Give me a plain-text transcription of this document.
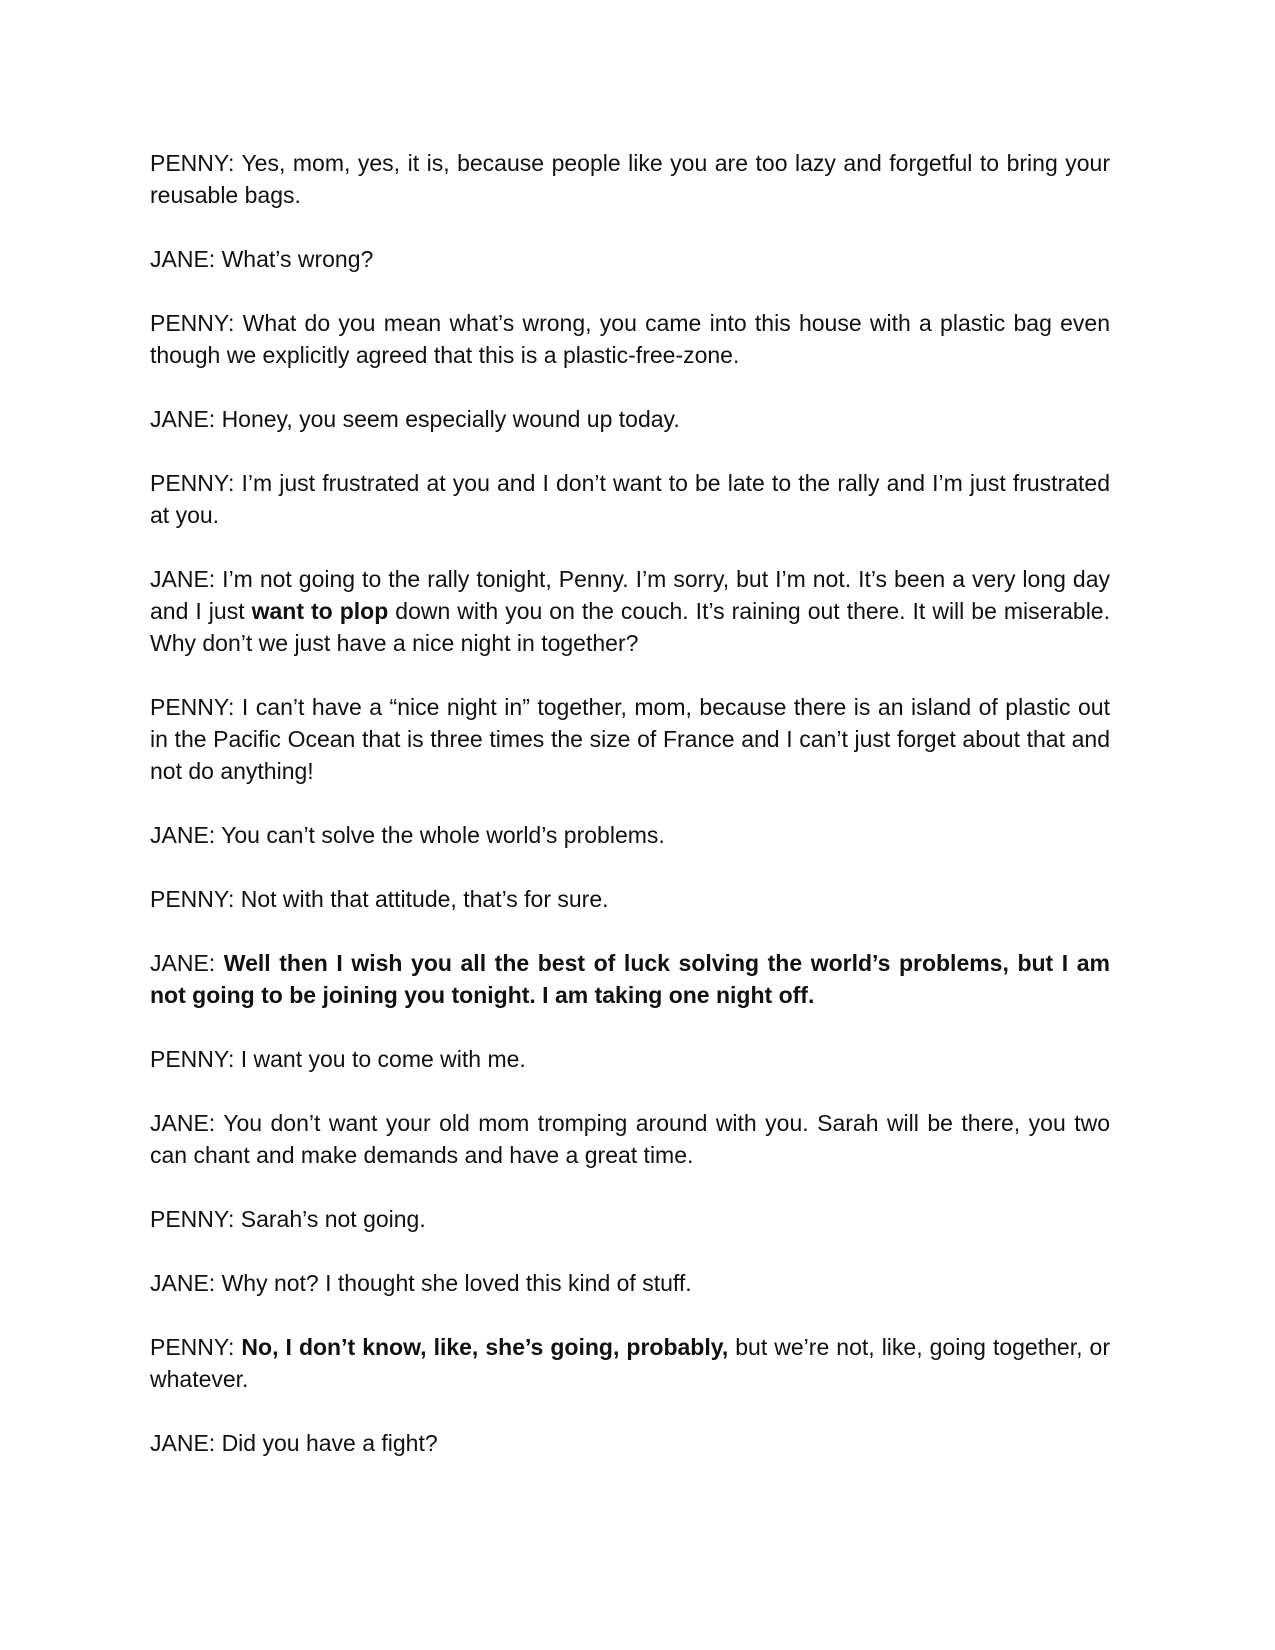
PENNY: Yes, mom, yes, it is, because people like you are too lazy and forgetful to bring your reusable bags.

JANE: What’s wrong?

PENNY: What do you mean what’s wrong, you came into this house with a plastic bag even though we explicitly agreed that this is a plastic-free-zone.

JANE: Honey, you seem especially wound up today.

PENNY: I’m just frustrated at you and I don’t want to be late to the rally and I’m just frustrated at you.

JANE: I’m not going to the rally tonight, Penny. I’m sorry, but I’m not. It’s been a very long day and I just want to plop down with you on the couch. It’s raining out there. It will be miserable. Why don’t we just have a nice night in together?

PENNY: I can’t have a “nice night in” together, mom, because there is an island of plastic out in the Pacific Ocean that is three times the size of France and I can’t just forget about that and not do anything!

JANE: You can’t solve the whole world’s problems.

PENNY: Not with that attitude, that’s for sure.

JANE: Well then I wish you all the best of luck solving the world’s problems, but I am not going to be joining you tonight. I am taking one night off.

PENNY: I want you to come with me.

JANE: You don’t want your old mom tromping around with you. Sarah will be there, you two can chant and make demands and have a great time.

PENNY: Sarah’s not going.

JANE: Why not? I thought she loved this kind of stuff.

PENNY: No, I don’t know, like, she’s going, probably, but we’re not, like, going together, or whatever.

JANE: Did you have a fight?
